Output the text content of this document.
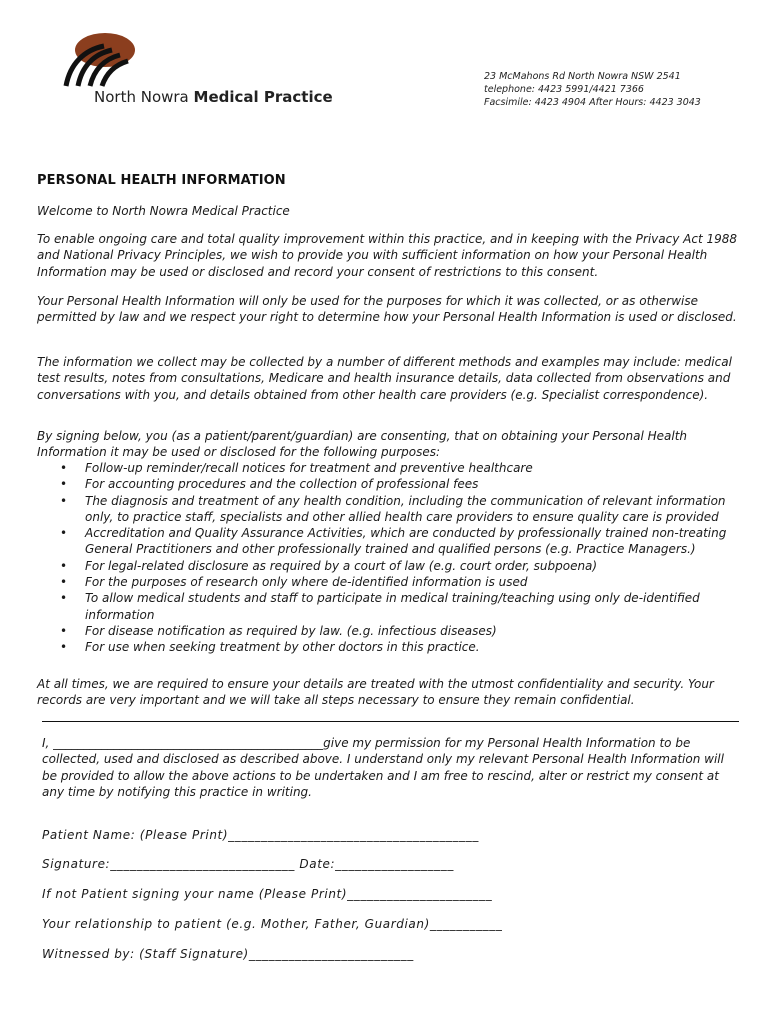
North Nowra Medical Practice
23 McMahons Rd North Nowra NSW 2541
telephone: 4423 5991/4421 7366
Facsimile: 4423 4904 After Hours: 4423 3043
PERSONAL HEALTH INFORMATION

Welcome to North Nowra Medical Practice

To enable ongoing care and total quality improvement within this practice, and in keeping with the Privacy Act 1988 and National Privacy Principles, we wish to provide you with sufficient information on how your Personal Health Information may be used or disclosed and record your consent of restrictions to this consent.

Your Personal Health Information will only be used for the purposes for which it was collected, or as otherwise permitted by law and we respect your right to determine how your Personal Health Information is used or disclosed.

The information we collect may be collected by a number of different methods and examples may include: medical test results, notes from consultations, Medicare and health insurance details, data collected from observations and conversations with you, and details obtained from other health care providers (e.g. Specialist correspondence).

By signing below, you (as a patient/parent/guardian) are consenting, that on obtaining your Personal Health Information it may be used or disclosed for the following purposes:

• Follow-up reminder/recall notices for treatment and preventive healthcare
• For accounting procedures and the collection of professional fees
• The diagnosis and treatment of any health condition, including the communication of relevant information only, to practice staff, specialists and other allied health care providers to ensure quality care is provided
• Accreditation and Quality Assurance Activities, which are conducted by professionally trained non-treating General Practitioners and other professionally trained and qualified persons (e.g. Practice Managers.)
• For legal-related disclosure as required by a court of law (e.g. court order, subpoena)
• For the purposes of research only where de-identified information is used
• To allow medical students and staff to participate in medical training/teaching using only de-identified information
• For disease notification as required by law. (e.g. infectious diseases)
• For use when seeking treatment by other doctors in this practice.

At all times, we are required to ensure your details are treated with the utmost confidentiality and security. Your records are very important and we will take all steps necessary to ensure they remain confidential.

I, _____________________________________________give my permission for my Personal Health Information to be collected, used and disclosed as described above. I understand only my relevant Personal Health Information will be provided to allow the above actions to be undertaken and I am free to rescind, alter or restrict my consent at any time by notifying this practice in writing.

Patient Name: (Please Print)______________________________________
Signature:____________________________ Date:__________________
If not Patient signing your name (Please Print)______________________
Your relationship to patient (e.g. Mother, Father, Guardian)___________
Witnessed by: (Staff Signature)_________________________
